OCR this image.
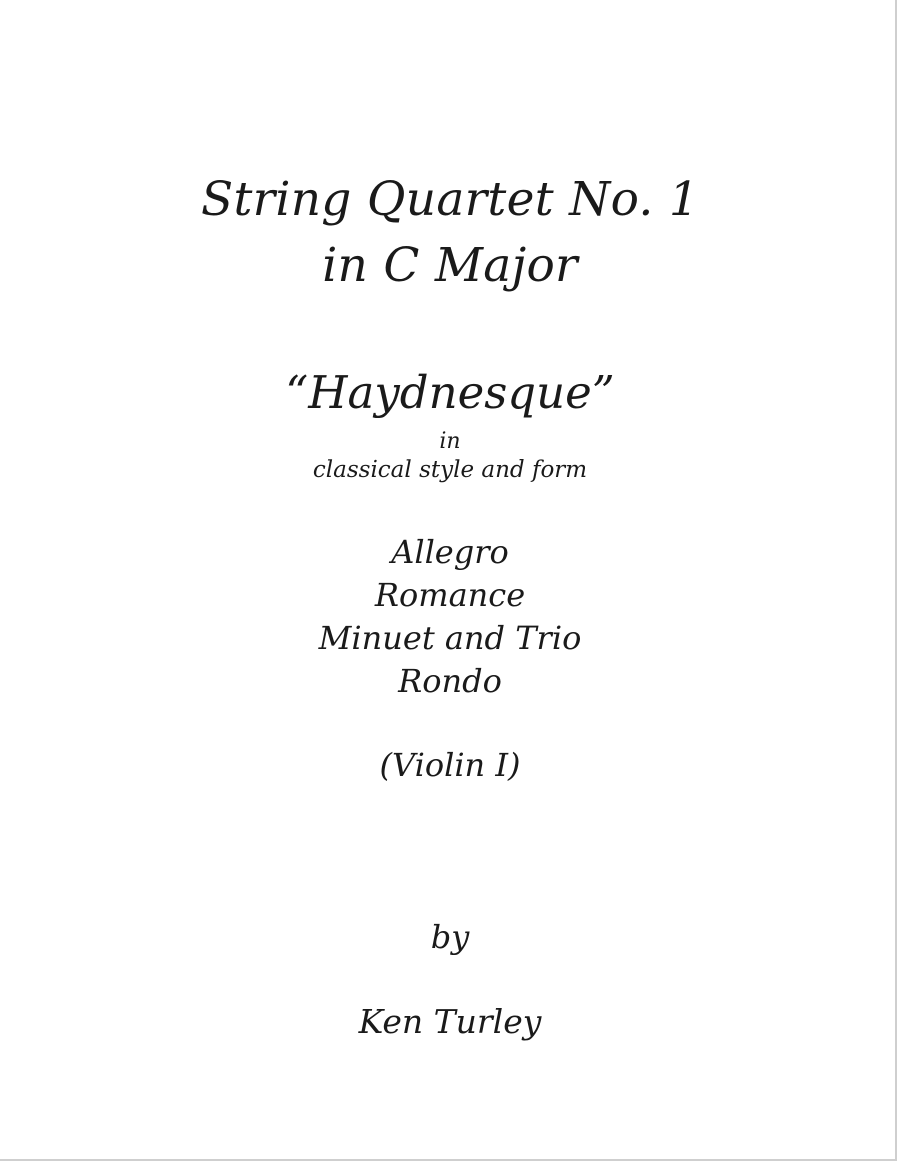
String Quartet No. 1
in C Major
“Haydnesque”
in
classical style and form
Allegro
Romance
Minuet and Trio
Rondo
(Violin I)
by
Ken Turley
